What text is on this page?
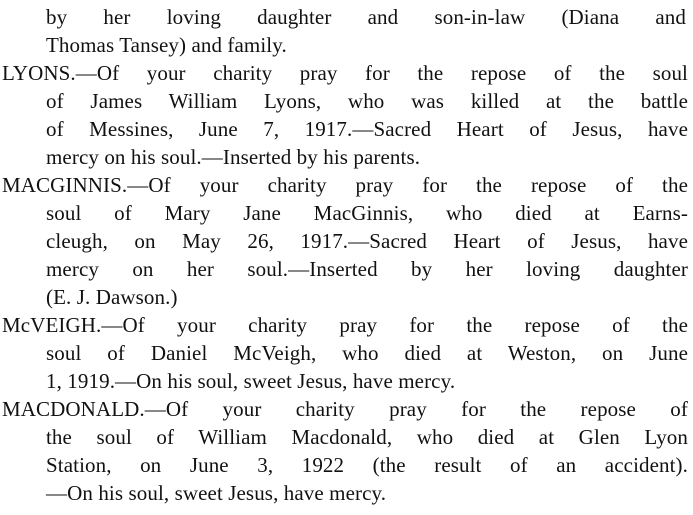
by her loving daughter and son-in-law (Diana and
Thomas Tansey) and family.
LYONS.—Of your charity pray for the repose of the soul
of James William Lyons, who was killed at the battle
of Messines, June 7, 1917.—Sacred Heart of Jesus, have
mercy on his soul.—Inserted by his parents.
MACGINNIS.—Of your charity pray for the repose of the
soul of Mary Jane MacGinnis, who died at Earns-
cleugh, on May 26, 1917.—Sacred Heart of Jesus, have
mercy on her soul.—Inserted by her loving daughter
(E. J. Dawson.)
McVEIGH.—Of your charity pray for the repose of the
soul of Daniel McVeigh, who died at Weston, on June
1, 1919.—On his soul, sweet Jesus, have mercy.
MACDONALD.—Of your charity pray for the repose of
the soul of William Macdonald, who died at Glen Lyon
Station, on June 3, 1922 (the result of an accident).
—On his soul, sweet Jesus, have mercy.
